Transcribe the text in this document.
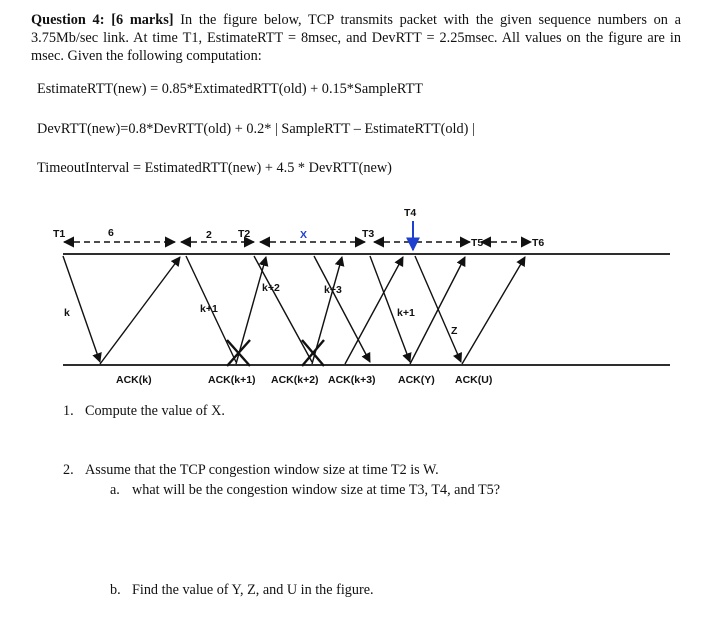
Question 4: [6 marks] In the figure below, TCP transmits packet with the given sequence numbers on a 3.75Mb/sec link. At time T1, EstimateRTT = 8msec, and DevRTT = 2.25msec. All values on the figure are in msec. Given the following computation:
EstimateRTT(new) = 0.85*ExtimatedRTT(old) + 0.15*SampleRTT
DevRTT(new)=0.8*DevRTT(old) + 0.2* | SampleRTT – EstimateRTT(old) |
TimeoutInterval = EstimatedRTT(new) + 4.5 * DevRTT(new)
T1	T2	T3
T4
T5	T6
6	2	X
k	k+1
k+2	k+3
k+1
Z
ACK(k)	ACK(k+1) ACK(k+2) ACK(k+3) ACK(Y) ACK(U)
1. Compute the value of X.
2. Assume that the TCP congestion window size at time T2 is W.
a. what will be the congestion window size at time T3, T4, and T5?
b. Find the value of Y, Z, and U in the figure.
